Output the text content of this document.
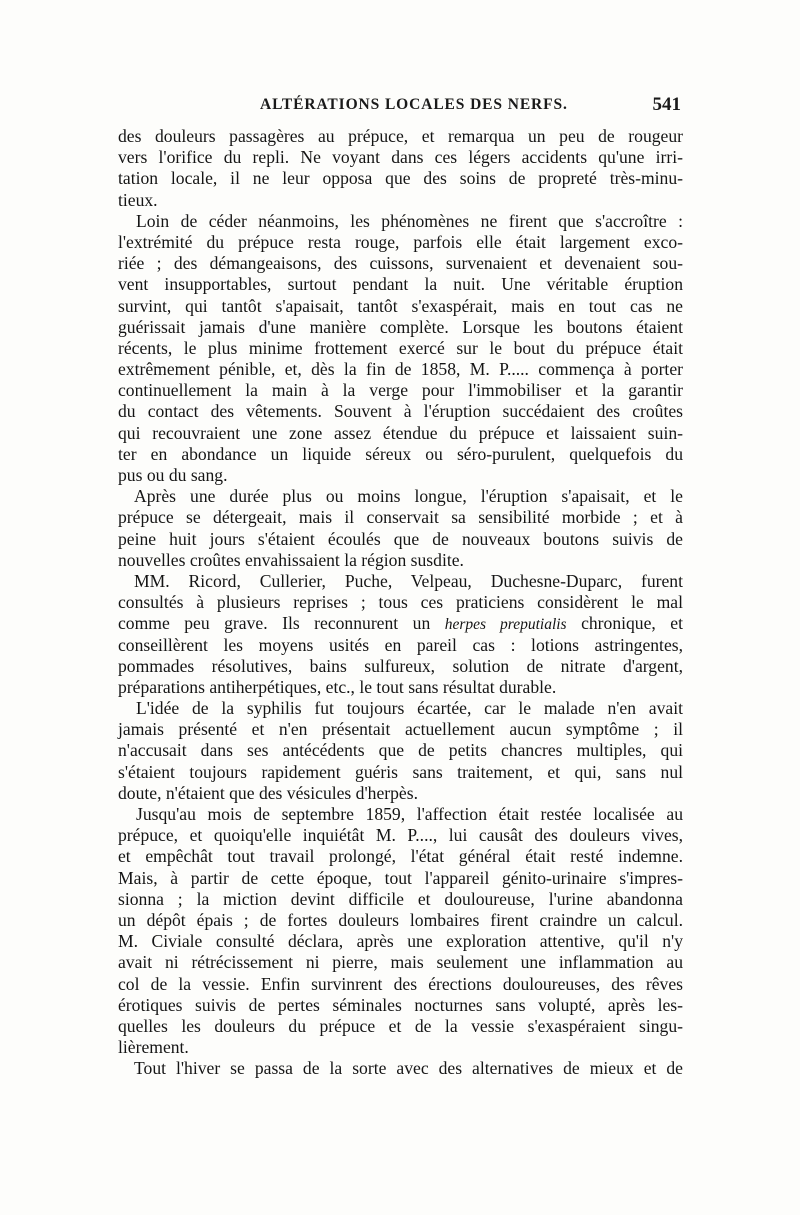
ALTÉRATIONS LOCALES DES NERFS.	541
des douleurs passagères au prépuce, et remarqua un peu de rougeur
vers l'orifice du repli. Ne voyant dans ces légers accidents qu'une irri-
tation locale, il ne leur opposa que des soins de propreté très-minu-
tieux.
Loin de céder néanmoins, les phénomènes ne firent que s'accroître :
l'extrémité du prépuce resta rouge, parfois elle était largement exco-
riée ; des démangeaisons, des cuissons, survenaient et devenaient sou-
vent insupportables, surtout pendant la nuit. Une véritable éruption
survint, qui tantôt s'apaisait, tantôt s'exaspérait, mais en tout cas ne
guérissait jamais d'une manière complète. Lorsque les boutons étaient
récents, le plus minime frottement exercé sur le bout du prépuce était
extrêmement pénible, et, dès la fin de 1858, M. P..... commença à porter
continuellement la main à la verge pour l'immobiliser et la garantir
du contact des vêtements. Souvent à l'éruption succédaient des croûtes
qui recouvraient une zone assez étendue du prépuce et laissaient suin-
ter en abondance un liquide séreux ou séro-purulent, quelquefois du
pus ou du sang.
Après une durée plus ou moins longue, l'éruption s'apaisait, et le
prépuce se détergeait, mais il conservait sa sensibilité morbide ; et à
peine huit jours s'étaient écoulés que de nouveaux boutons suivis de
nouvelles croûtes envahissaient la région susdite.
MM. Ricord, Cullerier, Puche, Velpeau, Duchesne-Duparc, furent
consultés à plusieurs reprises ; tous ces praticiens considèrent le mal
comme peu grave. Ils reconnurent un herpes preputialis chronique, et
conseillèrent les moyens usités en pareil cas : lotions astringentes,
pommades résolutives, bains sulfureux, solution de nitrate d'argent,
préparations antiherpétiques, etc., le tout sans résultat durable.
L'idée de la syphilis fut toujours écartée, car le malade n'en avait
jamais présenté et n'en présentait actuellement aucun symptôme ; il
n'accusait dans ses antécédents que de petits chancres multiples, qui
s'étaient toujours rapidement guéris sans traitement, et qui, sans nul
doute, n'étaient que des vésicules d'herpès.
Jusqu'au mois de septembre 1859, l'affection était restée localisée au
prépuce, et quoiqu'elle inquiétât M. P...., lui causât des douleurs vives,
et empêchât tout travail prolongé, l'état général était resté indemne.
Mais, à partir de cette époque, tout l'appareil génito-urinaire s'impres-
sionna ; la miction devint difficile et douloureuse, l'urine abandonna
un dépôt épais ; de fortes douleurs lombaires firent craindre un calcul.
M. Civiale consulté déclara, après une exploration attentive, qu'il n'y
avait ni rétrécissement ni pierre, mais seulement une inflammation au
col de la vessie. Enfin survinrent des érections douloureuses, des rêves
érotiques suivis de pertes séminales nocturnes sans volupté, après les-
quelles les douleurs du prépuce et de la vessie s'exaspéraient singu-
lièrement.
Tout l'hiver se passa de la sorte avec des alternatives de mieux et de
